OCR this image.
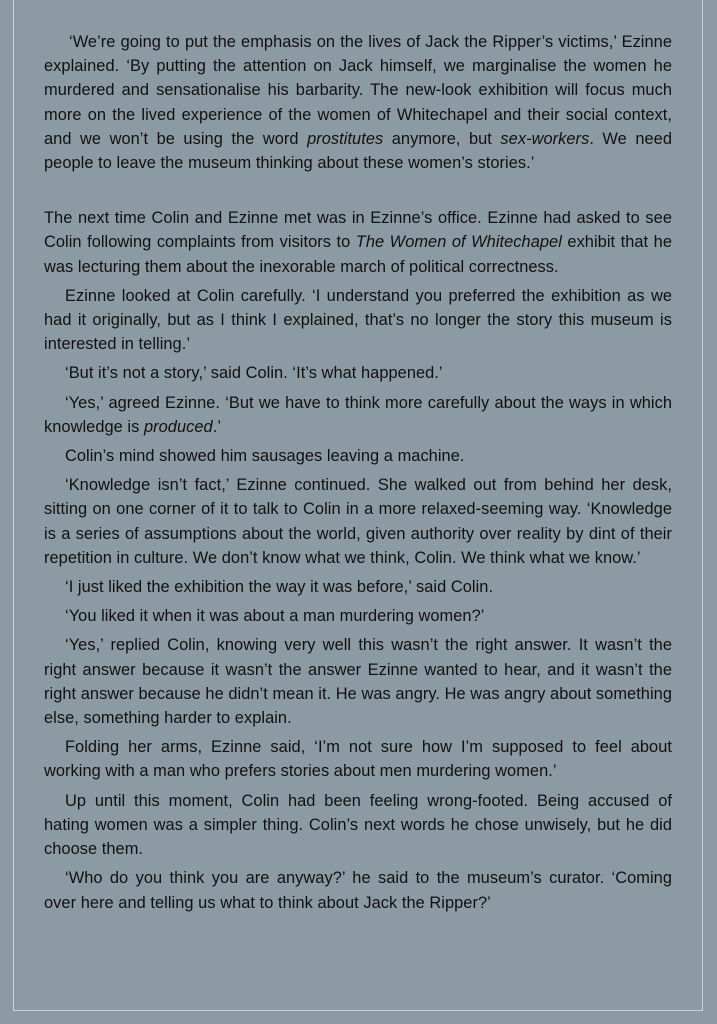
‘We’re going to put the emphasis on the lives of Jack the Ripper’s victims,’ Ezinne explained. ‘By putting the attention on Jack himself, we marginalise the women he murdered and sensationalise his barbarity. The new-look exhibition will focus much more on the lived experience of the women of Whitechapel and their social context, and we won’t be using the word prostitutes anymore, but sex-workers. We need people to leave the museum thinking about these women’s stories.’

The next time Colin and Ezinne met was in Ezinne’s office. Ezinne had asked to see Colin following complaints from visitors to The Women of Whitechapel exhibit that he was lecturing them about the inexorable march of political correctness.

Ezinne looked at Colin carefully. ‘I understand you preferred the exhibition as we had it originally, but as I think I explained, that’s no longer the story this museum is interested in telling.’

‘But it’s not a story,’ said Colin. ‘It’s what happened.’

‘Yes,’ agreed Ezinne. ‘But we have to think more carefully about the ways in which knowledge is produced.’

Colin’s mind showed him sausages leaving a machine.

‘Knowledge isn’t fact,’ Ezinne continued. She walked out from behind her desk, sitting on one corner of it to talk to Colin in a more relaxed-seeming way. ‘Knowledge is a series of assumptions about the world, given authority over reality by dint of their repetition in culture. We don’t know what we think, Colin. We think what we know.’

‘I just liked the exhibition the way it was before,’ said Colin.

‘You liked it when it was about a man murdering women?’

‘Yes,’ replied Colin, knowing very well this wasn’t the right answer. It wasn’t the right answer because it wasn’t the answer Ezinne wanted to hear, and it wasn’t the right answer because he didn’t mean it. He was angry. He was angry about something else, something harder to explain.

Folding her arms, Ezinne said, ‘I’m not sure how I’m supposed to feel about working with a man who prefers stories about men murdering women.’

Up until this moment, Colin had been feeling wrong-footed. Being accused of hating women was a simpler thing. Colin’s next words he chose unwisely, but he did choose them.

‘Who do you think you are anyway?’ he said to the museum’s curator. ‘Coming over here and telling us what to think about Jack the Ripper?’
